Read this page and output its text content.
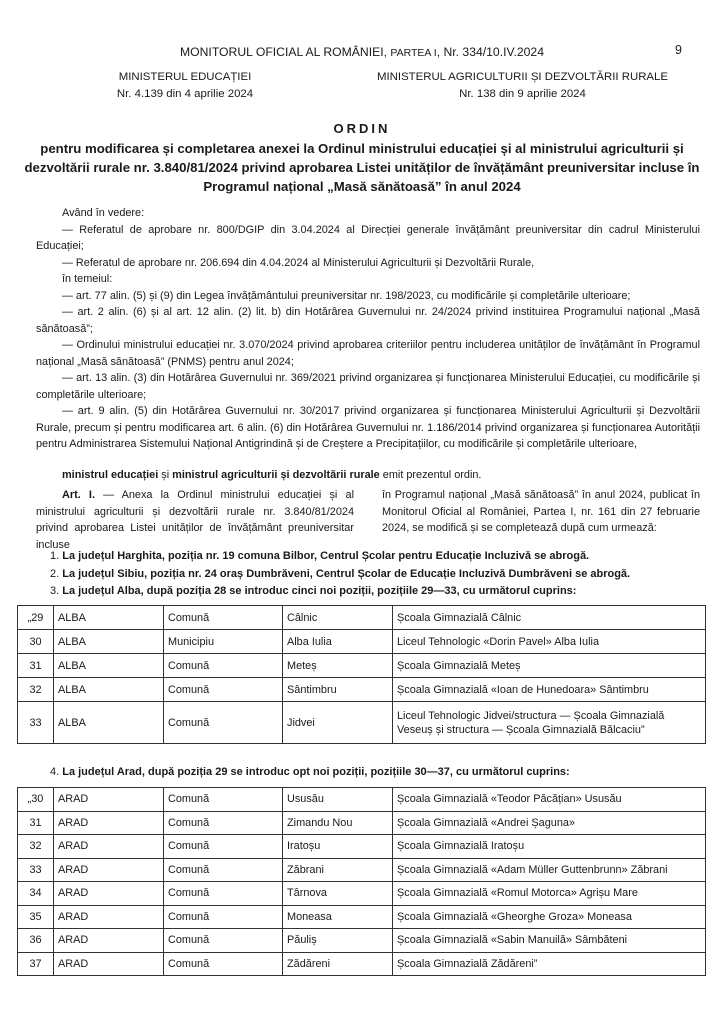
MONITORUL OFICIAL AL ROMÂNIEI, PARTEA I, Nr. 334/10.IV.2024	9
MINISTERUL EDUCAȚIEI
Nr. 4.139 din 4 aprilie 2024
MINISTERUL AGRICULTURII ȘI DEZVOLTĂRII RURALE
Nr. 138 din 9 aprilie 2024
ORDIN
pentru modificarea și completarea anexei la Ordinul ministrului educației și al ministrului agriculturii și dezvoltării rurale nr. 3.840/81/2024 privind aprobarea Listei unităților de învățământ preuniversitar incluse în Programul național „Masă sănătoasă” în anul 2024

Având în vedere:

— Referatul de aprobare nr. 800/DGIP din 3.04.2024 al Direcției generale învățământ preuniversitar din cadrul Ministerului Educației;

— Referatul de aprobare nr. 206.694 din 4.04.2024 al Ministerului Agriculturii și Dezvoltării Rurale,

în temeiul:

— art. 77 alin. (5) și (9) din Legea învățământului preuniversitar nr. 198/2023, cu modificările și completările ulterioare;

— art. 2 alin. (6) și al art. 12 alin. (2) lit. b) din Hotărârea Guvernului nr. 24/2024 privind instituirea Programului național „Masă sănătoasă”;

— Ordinului ministrului educației nr. 3.070/2024 privind aprobarea criteriilor pentru includerea unităților de învățământ în Programul național „Masă sănătoasă” (PNMS) pentru anul 2024;

— art. 13 alin. (3) din Hotărârea Guvernului nr. 369/2021 privind organizarea și funcționarea Ministerului Educației, cu modificările și completările ulterioare;

— art. 9 alin. (5) din Hotărârea Guvernului nr. 30/2017 privind organizarea și funcționarea Ministerului Agriculturii și Dezvoltării Rurale, precum și pentru modificarea art. 6 alin. (6) din Hotărârea Guvernului nr. 1.186/2014 privind organizarea și funcționarea Autorității pentru Administrarea Sistemului Național Antigrindină și de Creștere a Precipitațiilor, cu modificările și completările ulterioare,

ministrul educației și ministrul agriculturii și dezvoltării rurale emit prezentul ordin.

Art. I. — Anexa la Ordinul ministrului educației și al ministrului agriculturii și dezvoltării rurale nr. 3.840/81/2024 privind aprobarea Listei unităților de învățământ preuniversitar incluse

în Programul național „Masă sănătoasă” în anul 2024, publicat în Monitorul Oficial al României, Partea I, nr. 161 din 27 februarie 2024, se modifică și se completează după cum urmează:

1. La județul Harghita, poziția nr. 19 comuna Bilbor, Centrul Școlar pentru Educație Incluzivă se abrogă.

2. La județul Sibiu, poziția nr. 24 oraș Dumbrăveni, Centrul Școlar de Educație Incluzivă Dumbrăveni se abrogă.

3. La județul Alba, după poziția 28 se introduc cinci noi poziții, pozițiile 29—33, cu următorul cuprins:

„29	ALBA	Comună	Câlnic	Școala Gimnazială Câlnic
30	ALBA	Municipiu	Alba Iulia	Liceul Tehnologic «Dorin Pavel» Alba Iulia
31	ALBA	Comună	Meteș	Școala Gimnazială Meteș
32	ALBA	Comună	Sântimbru	Școala Gimnazială «Ioan de Hunedoara» Sântimbru
33	ALBA	Comună	Jidvei	Liceul Tehnologic Jidvei/structura — Școala Gimnazială Veseuș și structura — Școala Gimnazială Bălcaciu”
4. La județul Arad, după poziția 29 se introduc opt noi poziții, pozițiile 30—37, cu următorul cuprins:
„30	ARAD	Comună	Ususău	Școala Gimnazială «Teodor Păcățian» Ususău
31	ARAD	Comună	Zimandu Nou	Școala Gimnazială «Andrei Șaguna»
32	ARAD	Comună	Iratoșu	Școala Gimnazială Iratoșu
33	ARAD	Comună	Zăbrani	Școala Gimnazială «Adam Müller Guttenbrunn» Zăbrani
34	ARAD	Comună	Târnova	Școala Gimnazială «Romul Motorca» Agrișu Mare
35	ARAD	Comună	Moneasa	Școala Gimnazială «Gheorghe Groza» Moneasa
36	ARAD	Comună	Păuliș	Școala Gimnazială «Sabin Manuilă» Sâmbăteni
37	ARAD	Comună	Zădăreni	Școala Gimnazială Zădăreni”
